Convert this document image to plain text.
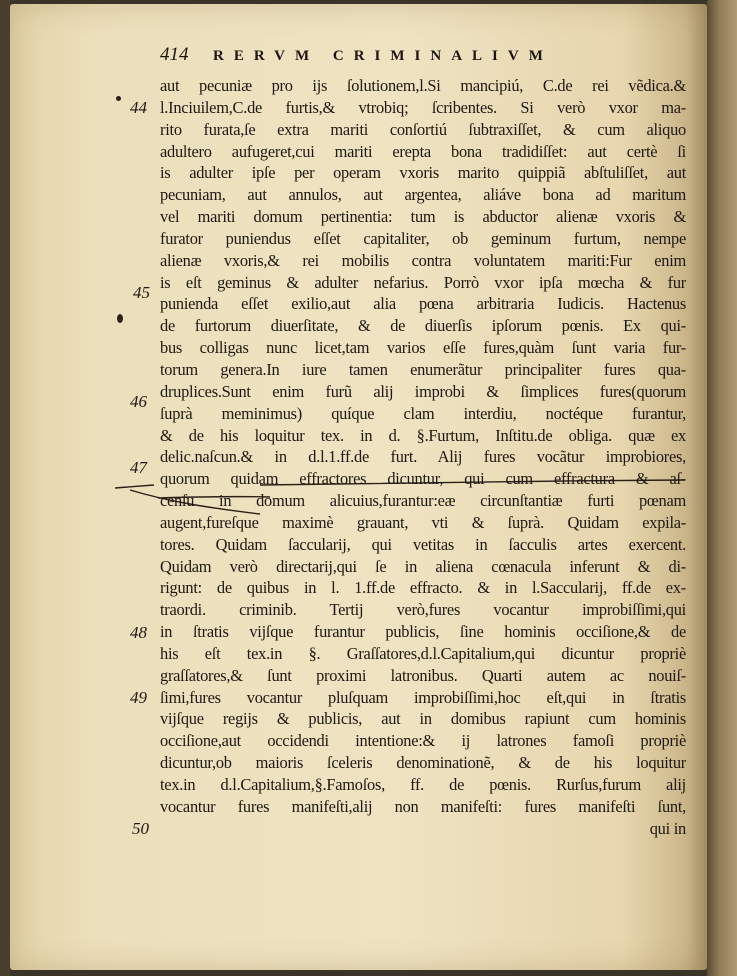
414 RERVM CRIMINALIVM
44
45
46
47
48
49
50
aut pecuniæ pro ijs ſolutionem,l.Si mancipiú, C.de rei vẽdica.&
l.Inciuilem,C.de furtis,& vtrobiq; ſcribentes. Si verò vxor ma-
rito furata,ſe extra mariti conſortiú ſubtraxiſſet, & cum aliquo
adultero aufugeret,cui mariti erepta bona tradidiſſet: aut certè ſi
is adulter ipſe per operam vxoris marito quippiã abſtuliſſet, aut
pecuniam, aut annulos, aut argentea, aliáve bona ad maritum
vel mariti domum pertinentia: tum is abductor alienæ vxoris &
furator puniendus eſſet capitaliter, ob geminum furtum, nempe
alienæ vxoris,& rei mobilis contra voluntatem mariti:Fur enim
is eſt geminus & adulter nefarius. Porrò vxor ipſa mœcha & fur
punienda eſſet exilio,aut alia pœna arbitraria Iudicis. Hactenus
de furtorum diuerſitate, & de diuerſis ipſorum pœnis. Ex qui-
bus colligas nunc licet,tam varios eſſe fures,quàm ſunt varia fur-
torum genera.In iure tamen enumerãtur principaliter fures qua-
druplices.Sunt enim furũ alij improbi & ſimplices fures(quorum
ſuprà meminimus) quíque clam interdiu, noctéque furantur,
& de his loquitur tex. in d. §.Furtum, Inſtitu.de obliga. quæ ex
delic.naſcun.& in d.l.1.ff.de furt. Alij fures vocãtur improbiores,
quorum quidam effractores dicuntur, qui cum effractura & aſ-
cenſu in domum alicuius,furantur:eæ circunſtantiæ furti pœnam
augent,fureſque maximè grauant, vti & ſuprà. Quidam expila-
tores. Quidam ſaccularij, qui vetitas in ſacculis artes exercent.
Quidam verò directarij,qui ſe in aliena cœnacula inferunt & di-
rigunt: de quibus in l. 1.ff.de effracto. & in l.Saccularij, ff.de ex-
traordi. criminib. Tertij verò,fures vocantur improbiſſimi,qui
in ſtratis vijſque furantur publicis, ſine hominis occiſione,& de
his eſt tex.in §. Graſſatores,d.l.Capitalium,qui dicuntur propriè
graſſatores,& ſunt proximi latronibus. Quarti autem ac nouiſ-
ſimi,fures vocantur pluſquam improbiſſimi,hoc eſt,qui in ſtratis
vijſque regijs & publicis, aut in domibus rapiunt cum hominis
occiſione,aut occidendi intentione:& ij latrones famoſi propriè
dicuntur,ob maioris ſceleris denominationẽ, & de his loquitur
tex.in d.l.Capitalium,§.Famoſos, ff. de pœnis. Rurſus,furum alij
vocantur fures manifeſti,alij non manifeſti: fures manifeſti ſunt,
qui in
